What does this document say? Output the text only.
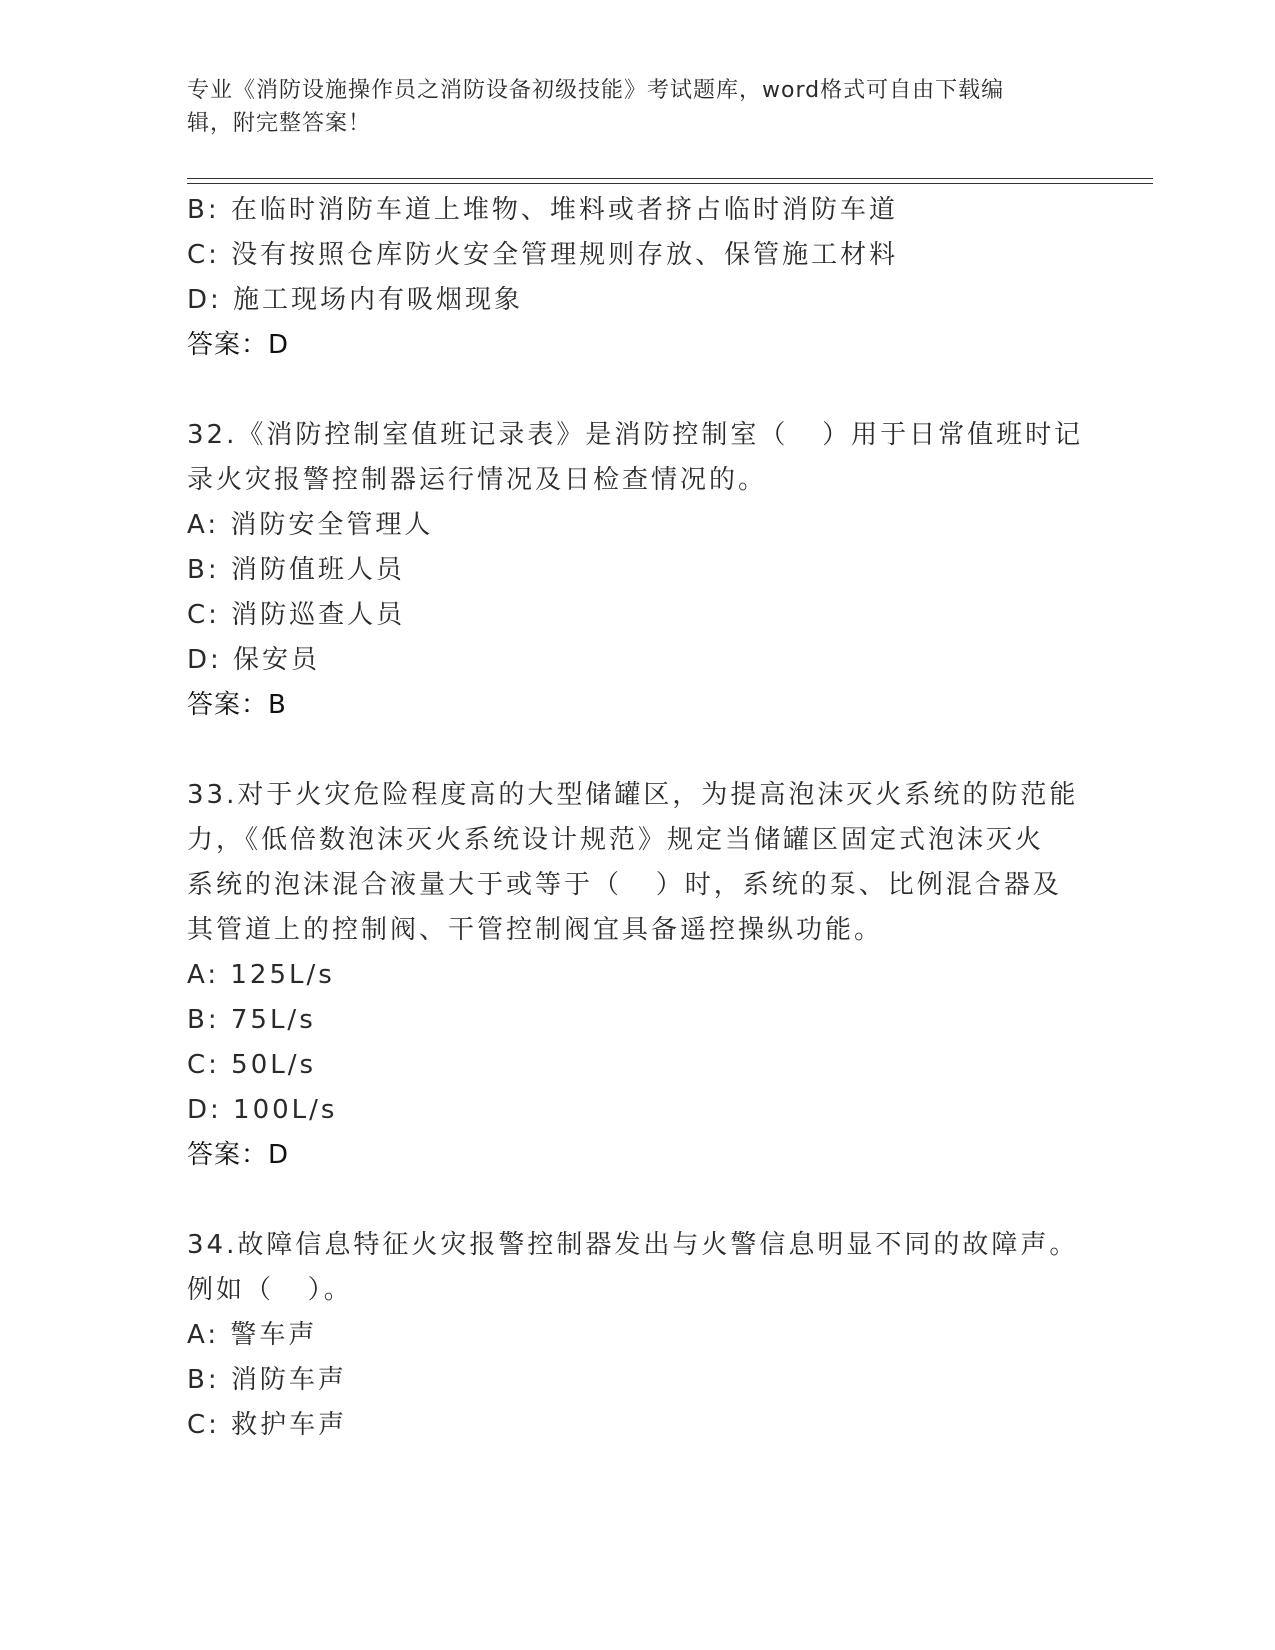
专业《消防设施操作员之消防设备初级技能》考试题库，word格式可自由下载编
辑，附完整答案！
B: 在临时消防车道上堆物、堆料或者挤占临时消防车道
C: 没有按照仓库防火安全管理规则存放、保管施工材料
D: 施工现场内有吸烟现象
答案：D
32.《消防控制室值班记录表》是消防控制室（   ）用于日常值班时记
录火灾报警控制器运行情况及日检查情况的。
A: 消防安全管理人
B: 消防值班人员
C: 消防巡查人员
D: 保安员
答案：B
33.对于火灾危险程度高的大型储罐区，为提高泡沫灭火系统的防范能
力，《低倍数泡沫灭火系统设计规范》规定当储罐区固定式泡沫灭火
系统的泡沫混合液量大于或等于（   ）时，系统的泵、比例混合器及
其管道上的控制阀、干管控制阀宜具备遥控操纵功能。
A: 125L/s
B: 75L/s
C: 50L/s
D: 100L/s
答案：D
34.故障信息特征火灾报警控制器发出与火警信息明显不同的故障声。
例如（   ）。
A: 警车声
B: 消防车声
C: 救护车声
